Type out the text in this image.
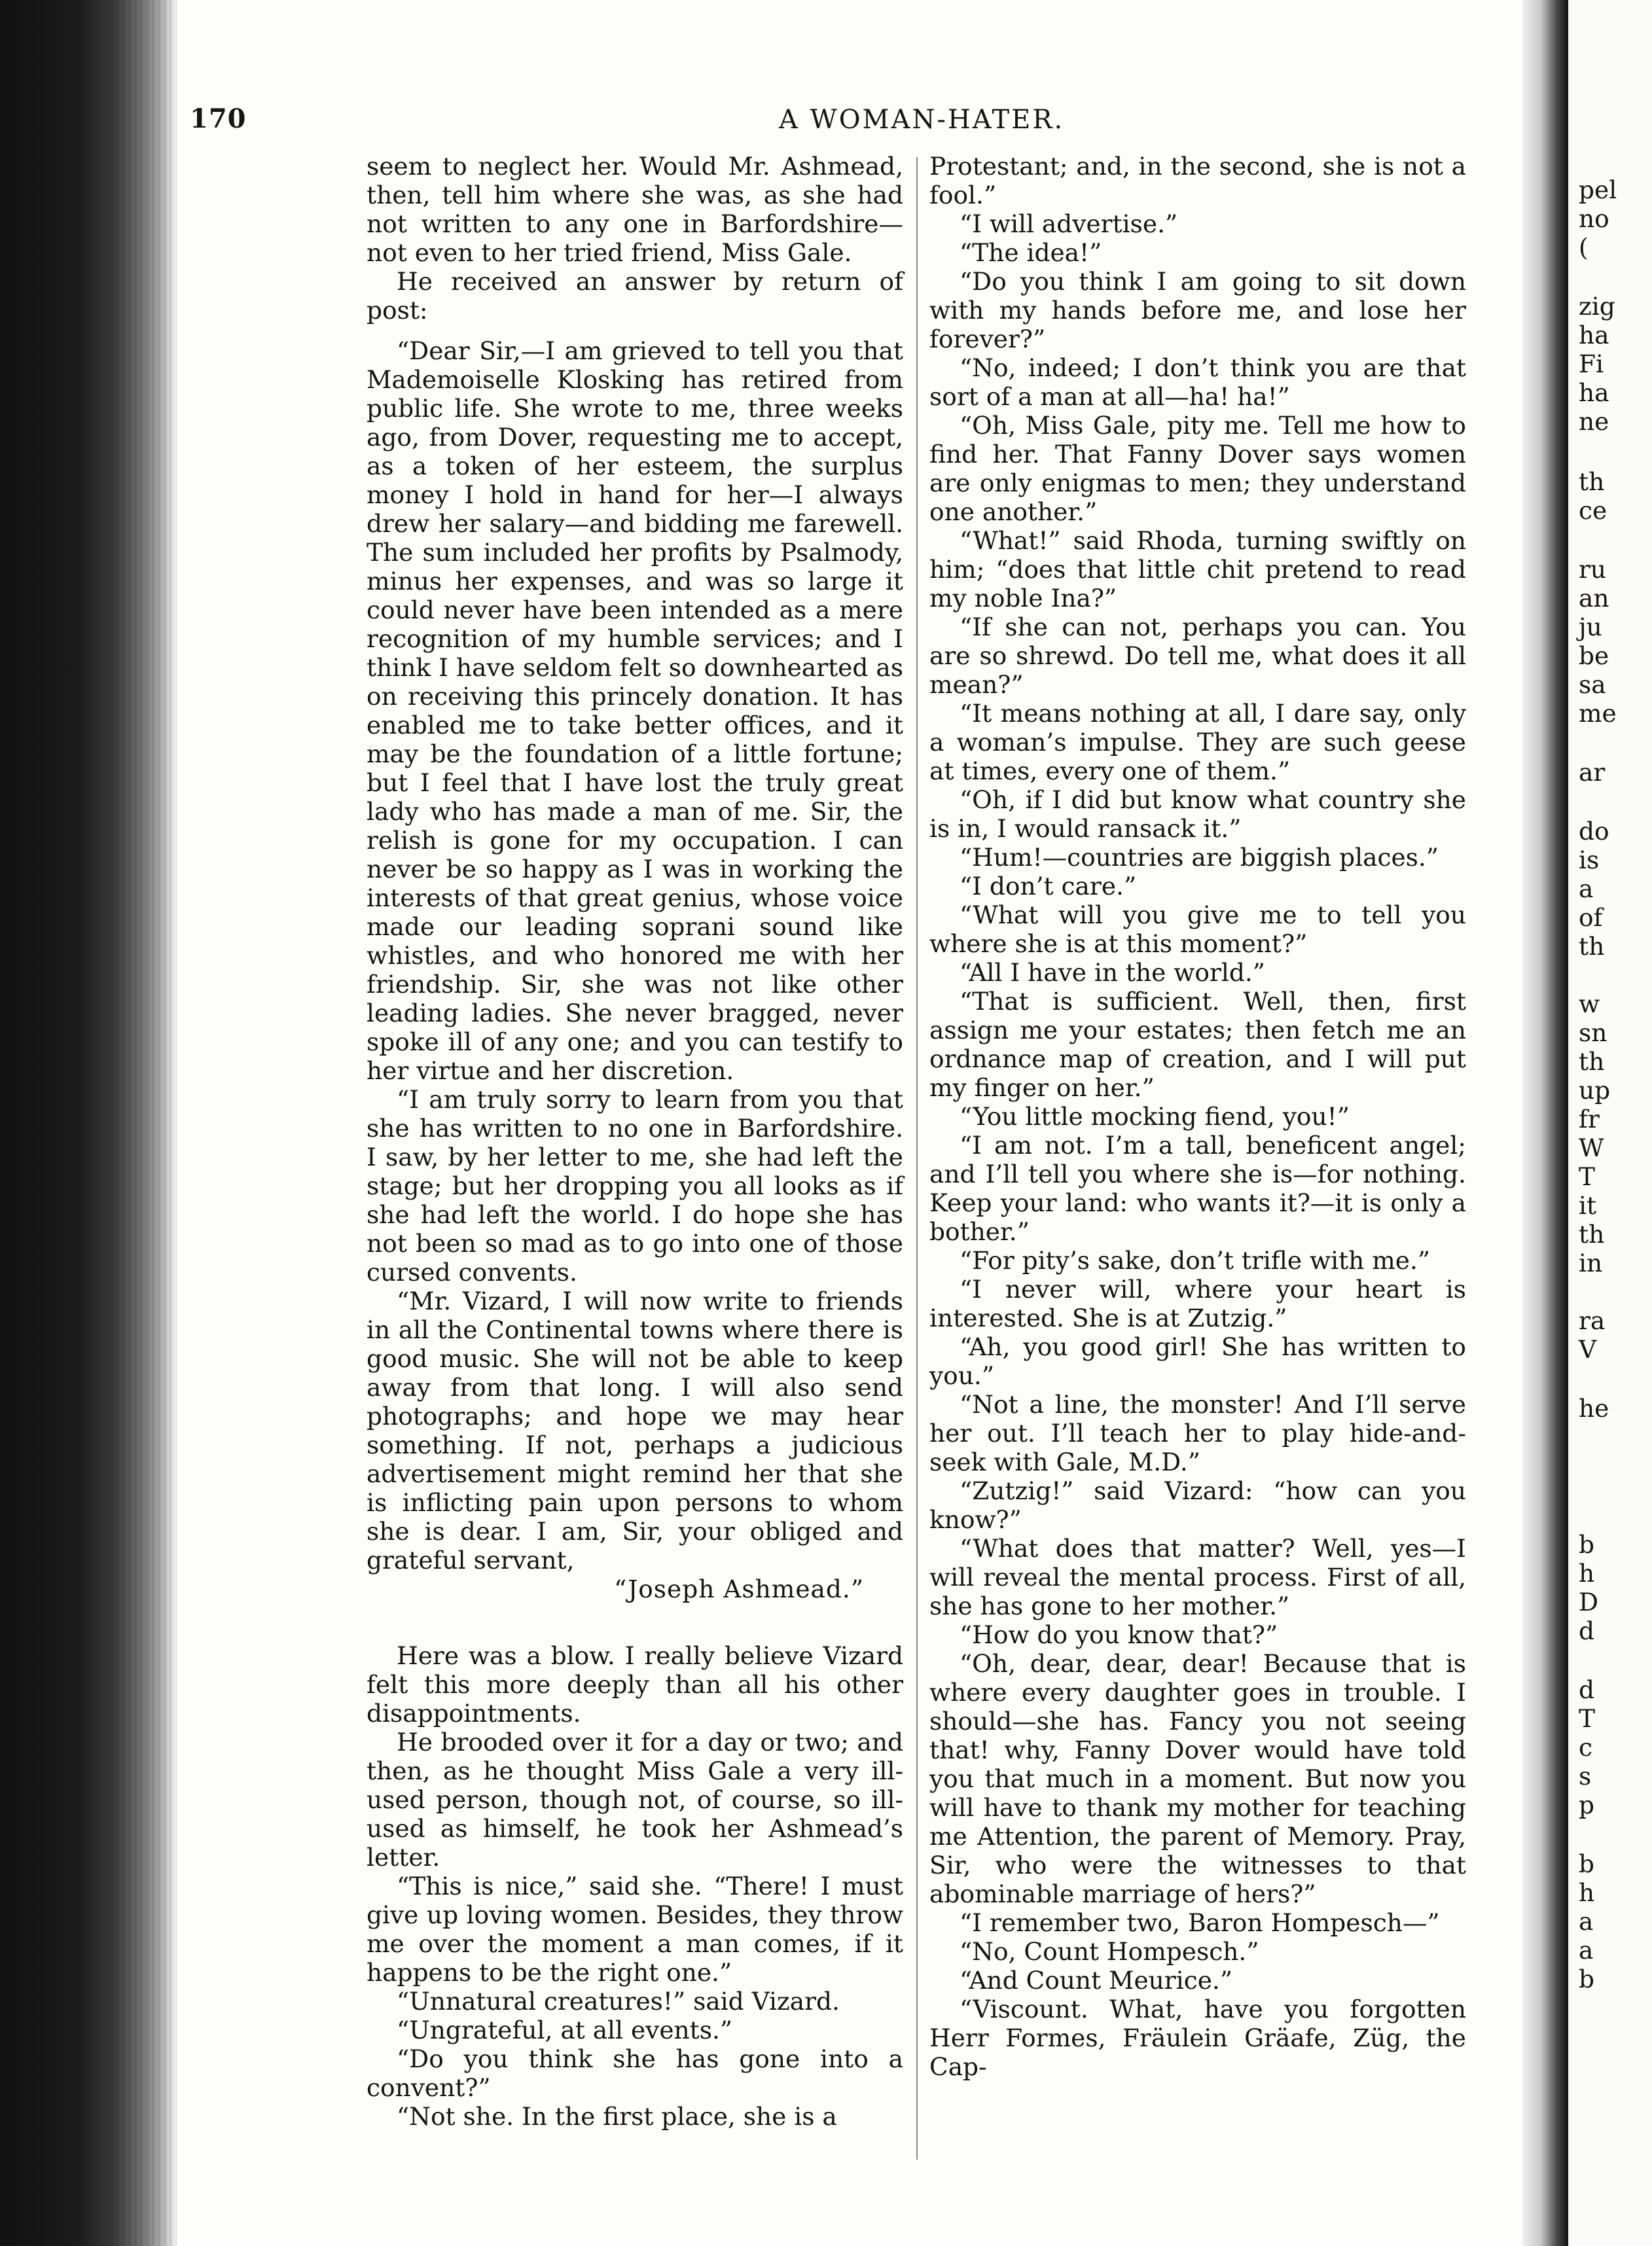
170	A WOMAN-HATER.

seem to neglect her. Would Mr. Ashmead, then, tell him where she was, as she had not written to any one in Barfordshire—not even to her tried friend, Miss Gale.

He received an answer by return of post:

“Dear Sir,—I am grieved to tell you that Mademoiselle Klosking has retired from public life. She wrote to me, three weeks ago, from Dover, requesting me to accept, as a token of her esteem, the surplus money I hold in hand for her—I always drew her salary—and bidding me farewell. The sum included her profits by Psalmody, minus her expenses, and was so large it could never have been intended as a mere recognition of my humble services; and I think I have seldom felt so downhearted as on receiving this princely donation. It has enabled me to take better offices, and it may be the foundation of a little fortune; but I feel that I have lost the truly great lady who has made a man of me. Sir, the relish is gone for my occupation. I can never be so happy as I was in working the interests of that great genius, whose voice made our leading soprani sound like whistles, and who honored me with her friendship. Sir, she was not like other leading ladies. She never bragged, never spoke ill of any one; and you can testify to her virtue and her discretion.

“I am truly sorry to learn from you that she has written to no one in Barfordshire. I saw, by her letter to me, she had left the stage; but her dropping you all looks as if she had left the world. I do hope she has not been so mad as to go into one of those cursed convents.

“Mr. Vizard, I will now write to friends in all the Continental towns where there is good music. She will not be able to keep away from that long. I will also send photographs; and hope we may hear something. If not, perhaps a judicious advertisement might remind her that she is inflicting pain upon persons to whom she is dear. I am, Sir, your obliged and grateful servant,

“Joseph Ashmead.”

Here was a blow. I really believe Vizard felt this more deeply than all his other disappointments.

He brooded over it for a day or two; and then, as he thought Miss Gale a very ill-used person, though not, of course, so ill-used as himself, he took her Ashmead’s letter.

“This is nice,” said she. “There! I must give up loving women. Besides, they throw me over the moment a man comes, if it happens to be the right one.”

“Unnatural creatures!” said Vizard.

“Ungrateful, at all events.”

“Do you think she has gone into a convent?”

“Not she. In the first place, she is a

Protestant; and, in the second, she is not a fool.”

“I will advertise.”

“The idea!”

“Do you think I am going to sit down with my hands before me, and lose her forever?”

“No, indeed; I don’t think you are that sort of a man at all—ha! ha!”

“Oh, Miss Gale, pity me. Tell me how to find her. That Fanny Dover says women are only enigmas to men; they understand one another.”

“What!” said Rhoda, turning swiftly on him; “does that little chit pretend to read my noble Ina?”

“If she can not, perhaps you can. You are so shrewd. Do tell me, what does it all mean?”

“It means nothing at all, I dare say, only a woman’s impulse. They are such geese at times, every one of them.”

“Oh, if I did but know what country she is in, I would ransack it.”

“Hum!—countries are biggish places.”

“I don’t care.”

“What will you give me to tell you where she is at this moment?”

“All I have in the world.”

“That is sufficient. Well, then, first assign me your estates; then fetch me an ordnance map of creation, and I will put my finger on her.”

“You little mocking fiend, you!”

“I am not. I’m a tall, beneficent angel; and I’ll tell you where she is—for nothing. Keep your land: who wants it?—it is only a bother.”

“For pity’s sake, don’t trifle with me.”

“I never will, where your heart is interested. She is at Zutzig.”

“Ah, you good girl! She has written to you.”

“Not a line, the monster! And I’ll serve her out. I’ll teach her to play hide-and-seek with Gale, M.D.”

“Zutzig!” said Vizard: “how can you know?”

“What does that matter? Well, yes—I will reveal the mental process. First of all, she has gone to her mother.”

“How do you know that?”

“Oh, dear, dear, dear! Because that is where every daughter goes in trouble. I should—she has. Fancy you not seeing that! why, Fanny Dover would have told you that much in a moment. But now you will have to thank my mother for teaching me Attention, the parent of Memory. Pray, Sir, who were the witnesses to that abominable marriage of hers?”

“I remember two, Baron Hompesch—”

“No, Count Hompesch.”

“And Count Meurice.”

“Viscount. What, have you forgotten Herr Formes, Fräulein Gräafe, Züg, the Cap-

pel
no
(
zig
ha
Fi
ha
ne
th
ce
ru
an
ju
be
sa
me
ar
do
is
a
of
th
w
sn
th
up
fr
W
T
it
th
in
ra
V
he
b
h
D
d
d
T
c
s
p
b
h
a
a
b
